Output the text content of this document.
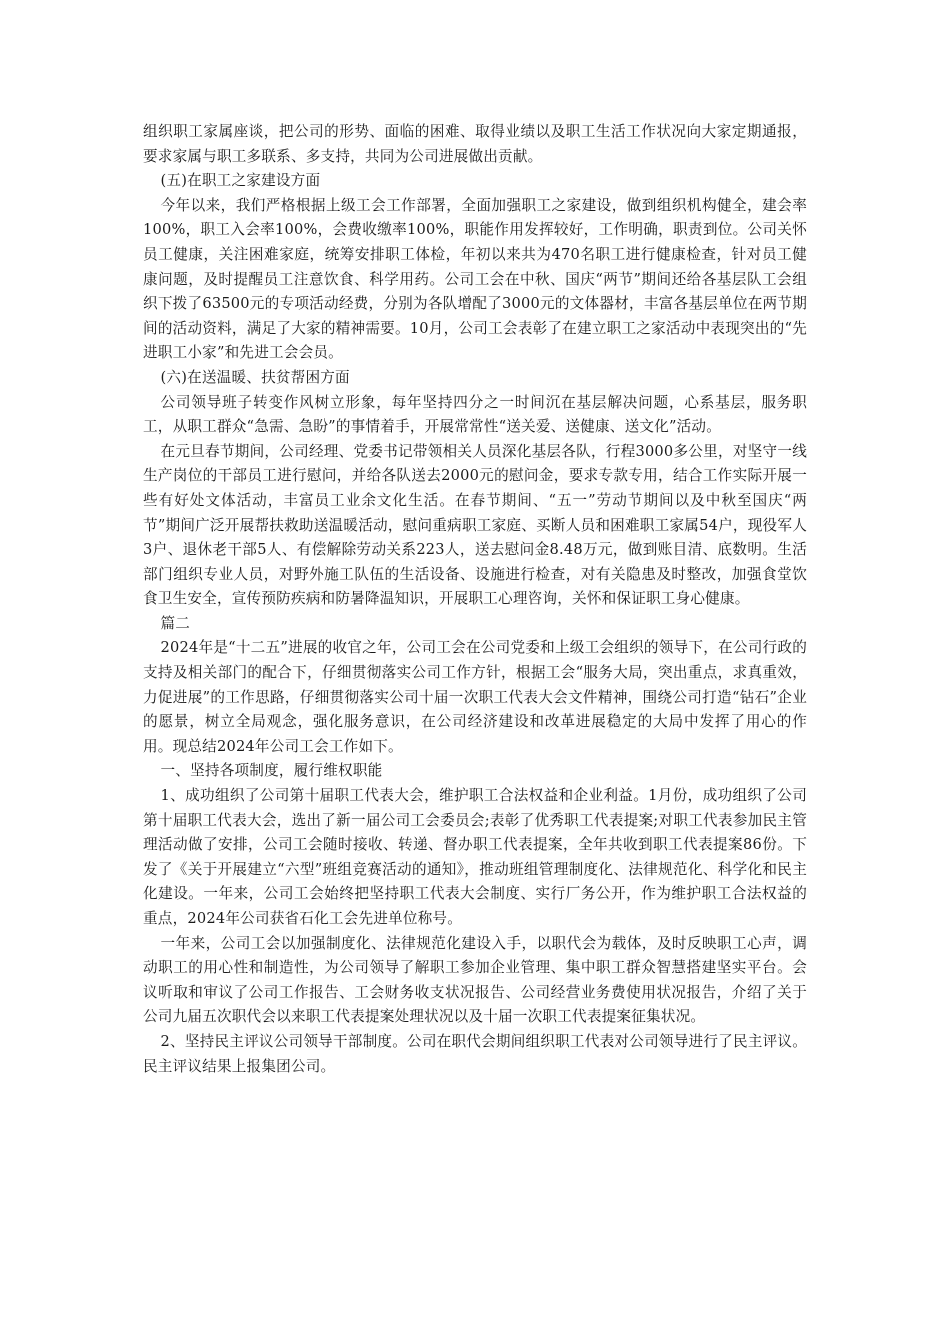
组织职工家属座谈，把公司的形势、面临的困难、取得业绩以及职工生活工作状况向大家定期通报，要求家属与职工多联系、多支持，共同为公司进展做出贡献。

(五)在职工之家建设方面

今年以来，我们严格根据上级工会工作部署，全面加强职工之家建设，做到组织机构健全，建会率100%，职工入会率100%，会费收缴率100%，职能作用发挥较好，工作明确，职责到位。公司关怀员工健康，关注困难家庭，统筹安排职工体检，年初以来共为470名职工进行健康检查，针对员工健康问题，及时提醒员工注意饮食、科学用药。公司工会在中秋、国庆“两节”期间还给各基层队工会组织下拨了63500元的专项活动经费，分别为各队增配了3000元的文体器材，丰富各基层单位在两节期间的活动资料，满足了大家的精神需要。10月，公司工会表彰了在建立职工之家活动中表现突出的“先进职工小家”和先进工会会员。

(六)在送温暖、扶贫帮困方面

公司领导班子转变作风树立形象，每年坚持四分之一时间沉在基层解决问题，心系基层，服务职工，从职工群众“急需、急盼”的事情着手，开展常常性“送关爱、送健康、送文化”活动。

在元旦春节期间，公司经理、党委书记带领相关人员深化基层各队，行程3000多公里，对坚守一线生产岗位的干部员工进行慰问，并给各队送去2000元的慰问金，要求专款专用，结合工作实际开展一些有好处文体活动，丰富员工业余文化生活。在春节期间、“五一”劳动节期间以及中秋至国庆“两节”期间广泛开展帮扶救助送温暖活动，慰问重病职工家庭、买断人员和困难职工家属54户，现役军人3户、退休老干部5人、有偿解除劳动关系223人，送去慰问金8.48万元，做到账目清、底数明。生活部门组织专业人员，对野外施工队伍的生活设备、设施进行检查，对有关隐患及时整改，加强食堂饮食卫生安全，宣传预防疾病和防暑降温知识，开展职工心理咨询，关怀和保证职工身心健康。

篇二

2024年是“十二五”进展的收官之年，公司工会在公司党委和上级工会组织的领导下，在公司行政的支持及相关部门的配合下，仔细贯彻落实公司工作方针，根据工会“服务大局，突出重点，求真重效，力促进展”的工作思路，仔细贯彻落实公司十届一次职工代表大会文件精神，围绕公司打造“钻石”企业的愿景，树立全局观念，强化服务意识，在公司经济建设和改革进展稳定的大局中发挥了用心的作用。现总结2024年公司工会工作如下。

一、坚持各项制度，履行维权职能

1、成功组织了公司第十届职工代表大会，维护职工合法权益和企业利益。1月份，成功组织了公司第十届职工代表大会，选出了新一届公司工会委员会;表彰了优秀职工代表提案;对职工代表参加民主管理活动做了安排，公司工会随时接收、转递、督办职工代表提案，全年共收到职工代表提案86份。下发了《关于开展建立“六型”班组竞赛活动的通知》，推动班组管理制度化、法律规范化、科学化和民主化建设。一年来，公司工会始终把坚持职工代表大会制度、实行厂务公开，作为维护职工合法权益的重点，2024年公司获省石化工会先进单位称号。

一年来，公司工会以加强制度化、法律规范化建设入手，以职代会为载体，及时反映职工心声，调动职工的用心性和制造性，为公司领导了解职工参加企业管理、集中职工群众智慧搭建坚实平台。会议听取和审议了公司工作报告、工会财务收支状况报告、公司经营业务费使用状况报告，介绍了关于公司九届五次职代会以来职工代表提案处理状况以及十届一次职工代表提案征集状况。

2、坚持民主评议公司领导干部制度。公司在职代会期间组织职工代表对公司领导进行了民主评议。民主评议结果上报集团公司。
